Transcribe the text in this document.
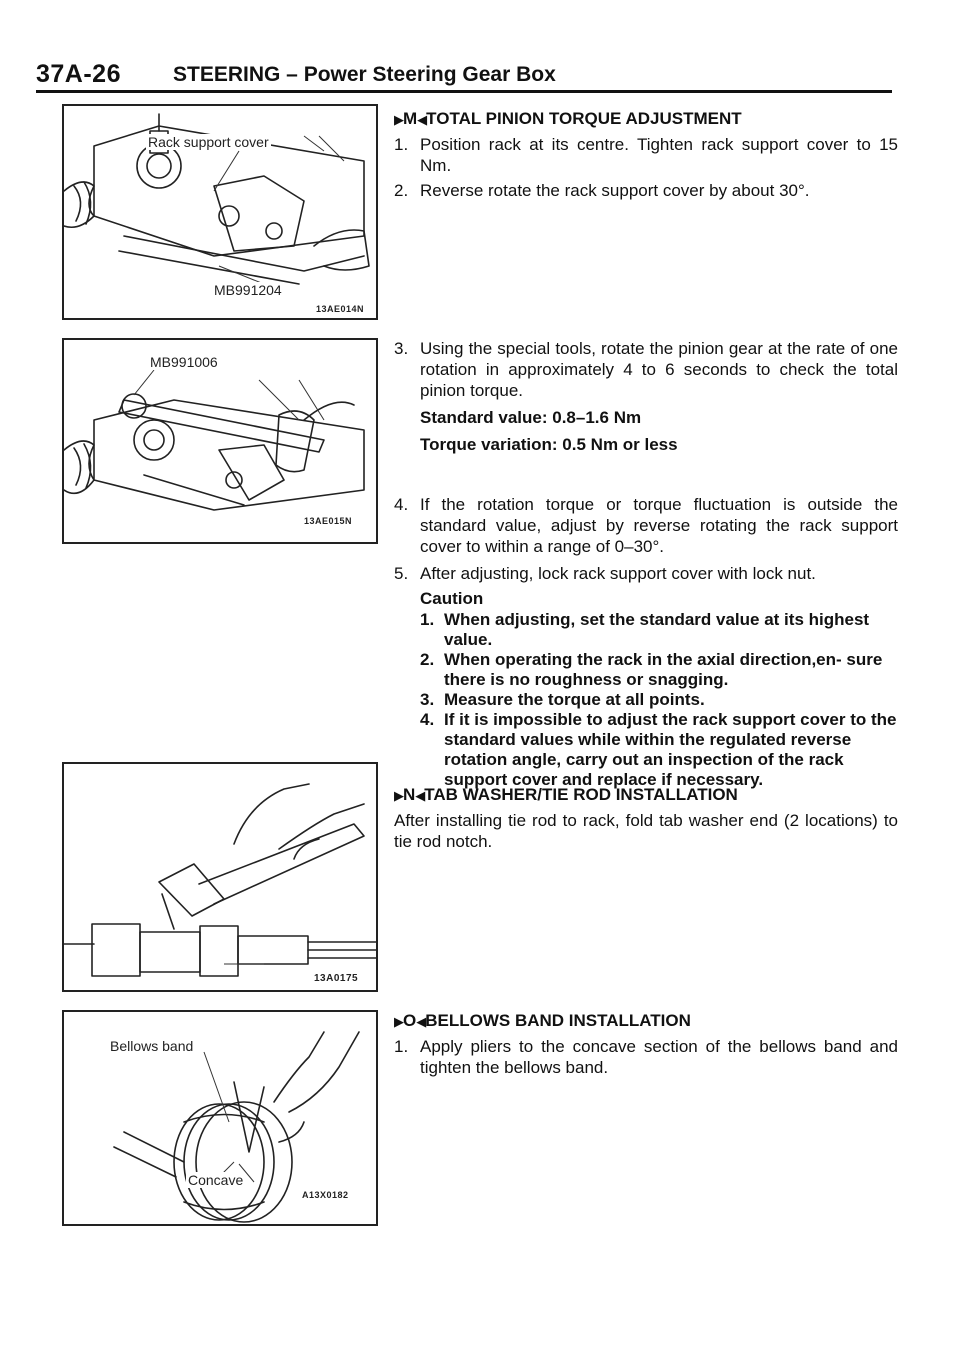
37A-26 STEERING – Power Steering Gear Box
Rack support cover
MB991204
13AE014N
MB991006
13AE015N
13A0175
Bellows band
Concave
A13X0182
▶M◀TOTAL PINION TORQUE ADJUSTMENT
1. Position rack at its centre. Tighten rack support cover to 15 Nm.
2. Reverse rotate the rack support cover by about 30°.
3. Using the special tools, rotate the pinion gear at the rate of one rotation in approximately 4 to 6 seconds to check the total pinion torque.
Standard value: 0.8–1.6 Nm
Torque variation: 0.5 Nm or less
4. If the rotation torque or torque fluctuation is outside the standard value, adjust by reverse rotating the rack support cover to within a range of 0–30°.
5. After adjusting, lock rack support cover with lock nut.
Caution
1. When adjusting, set the standard value at its highest value.
2. When operating the rack in the axial direction,en- sure there is no roughness or snagging.
3. Measure the torque at all points.
4. If it is impossible to adjust the rack support cover to the standard values while within the regulated reverse rotation angle, carry out an inspection of the rack support cover and replace if necessary.
▶N◀TAB WASHER/TIE ROD INSTALLATION
After installing tie rod to rack, fold tab washer end (2 locations) to tie rod notch.
▶O◀BELLOWS BAND INSTALLATION
1. Apply pliers to the concave section of the bellows band and tighten the bellows band.
